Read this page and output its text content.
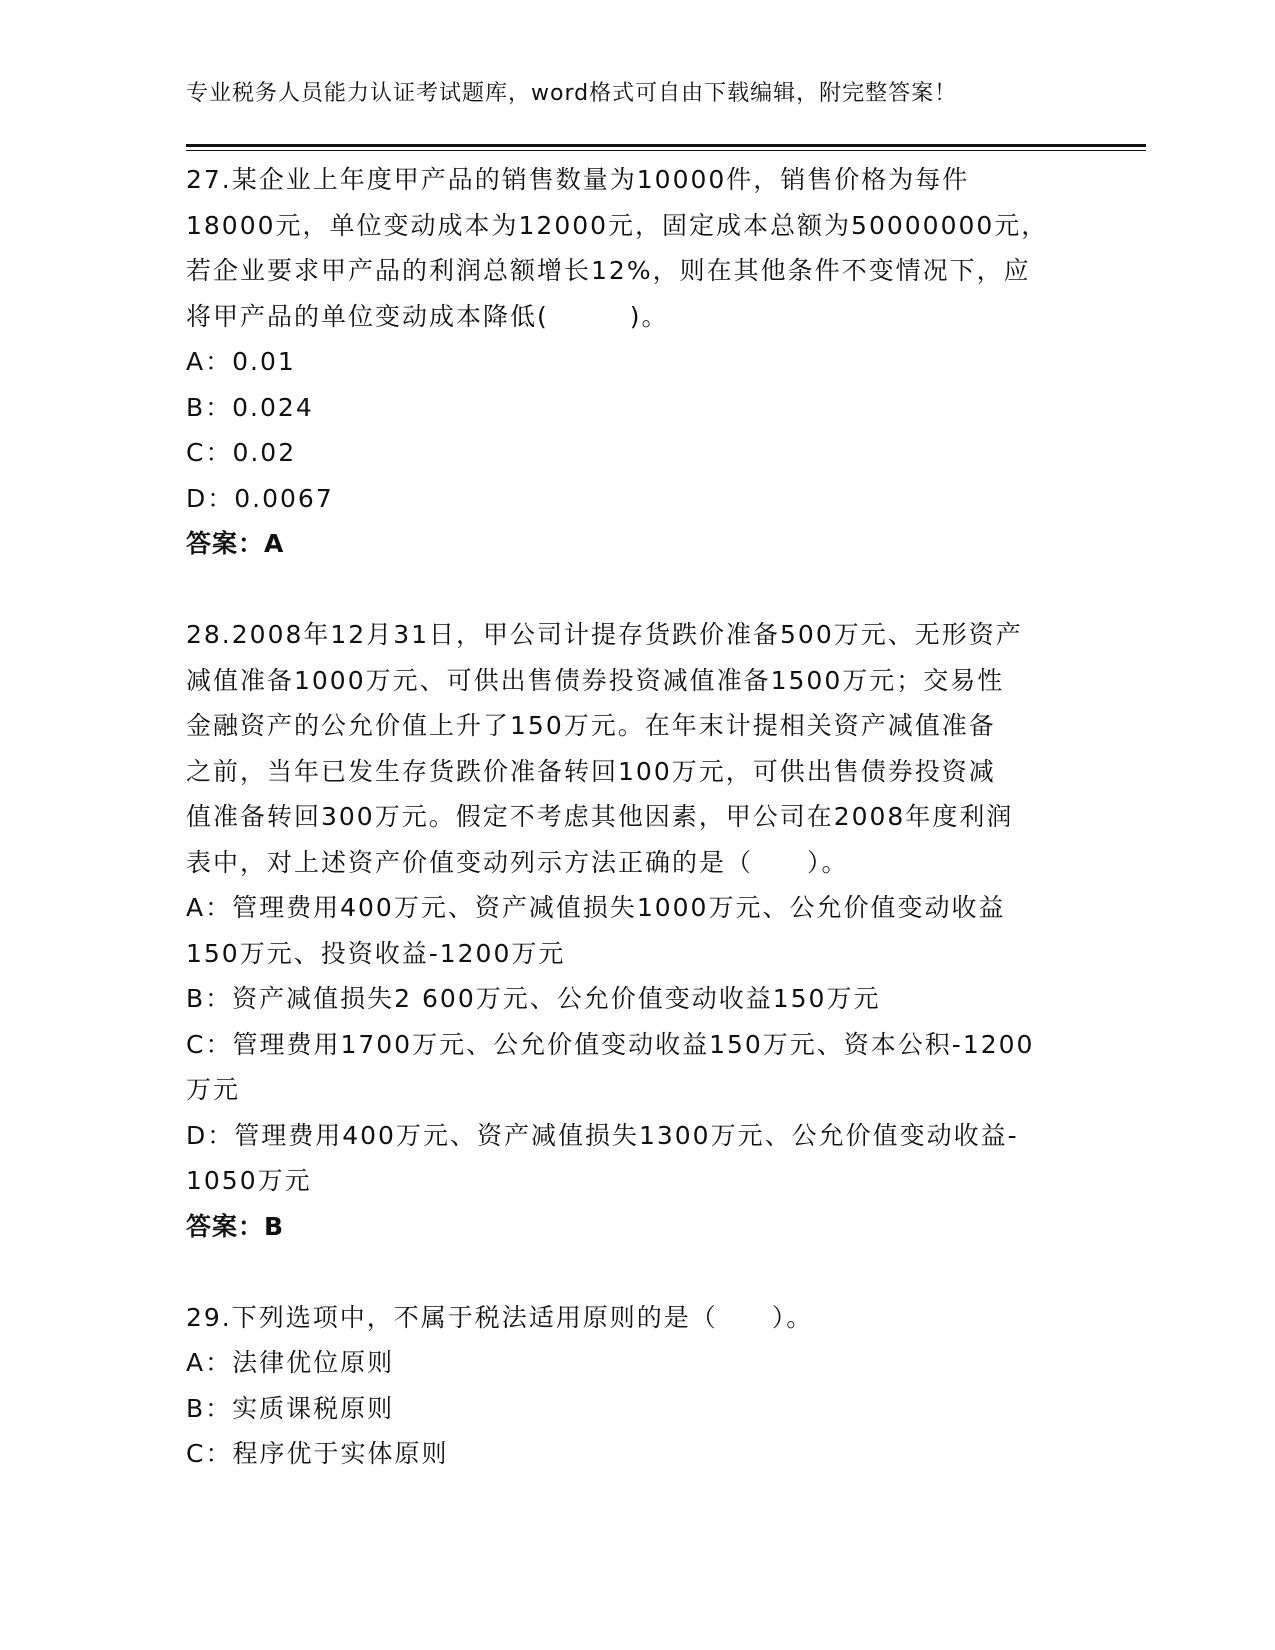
专业税务人员能力认证考试题库，word格式可自由下载编辑，附完整答案！
27.某企业上年度甲产品的销售数量为10000件，销售价格为每件
18000元，单位变动成本为12000元，固定成本总额为50000000元，
若企业要求甲产品的利润总额增长12%，则在其他条件不变情况下，应
将甲产品的单位变动成本降低(　　　)。
A：0.01
B：0.024
C：0.02
D：0.0067
答案：A
28.2008年12月31日，甲公司计提存货跌价准备500万元、无形资产
减值准备1000万元、可供出售债券投资减值准备1500万元；交易性
金融资产的公允价值上升了150万元。在年末计提相关资产减值准备
之前，当年已发生存货跌价准备转回100万元，可供出售债券投资减
值准备转回300万元。假定不考虑其他因素，甲公司在2008年度利润
表中，对上述资产价值变动列示方法正确的是（　　）。
A：管理费用400万元、资产减值损失1000万元、公允价值变动收益
150万元、投资收益-1200万元
B：资产减值损失2 600万元、公允价值变动收益150万元
C：管理费用1700万元、公允价值变动收益150万元、资本公积-1200
万元
D：管理费用400万元、资产减值损失1300万元、公允价值变动收益-
1050万元
答案：B
29.下列选项中，不属于税法适用原则的是（　　）。
A：法律优位原则
B：实质课税原则
C：程序优于实体原则
